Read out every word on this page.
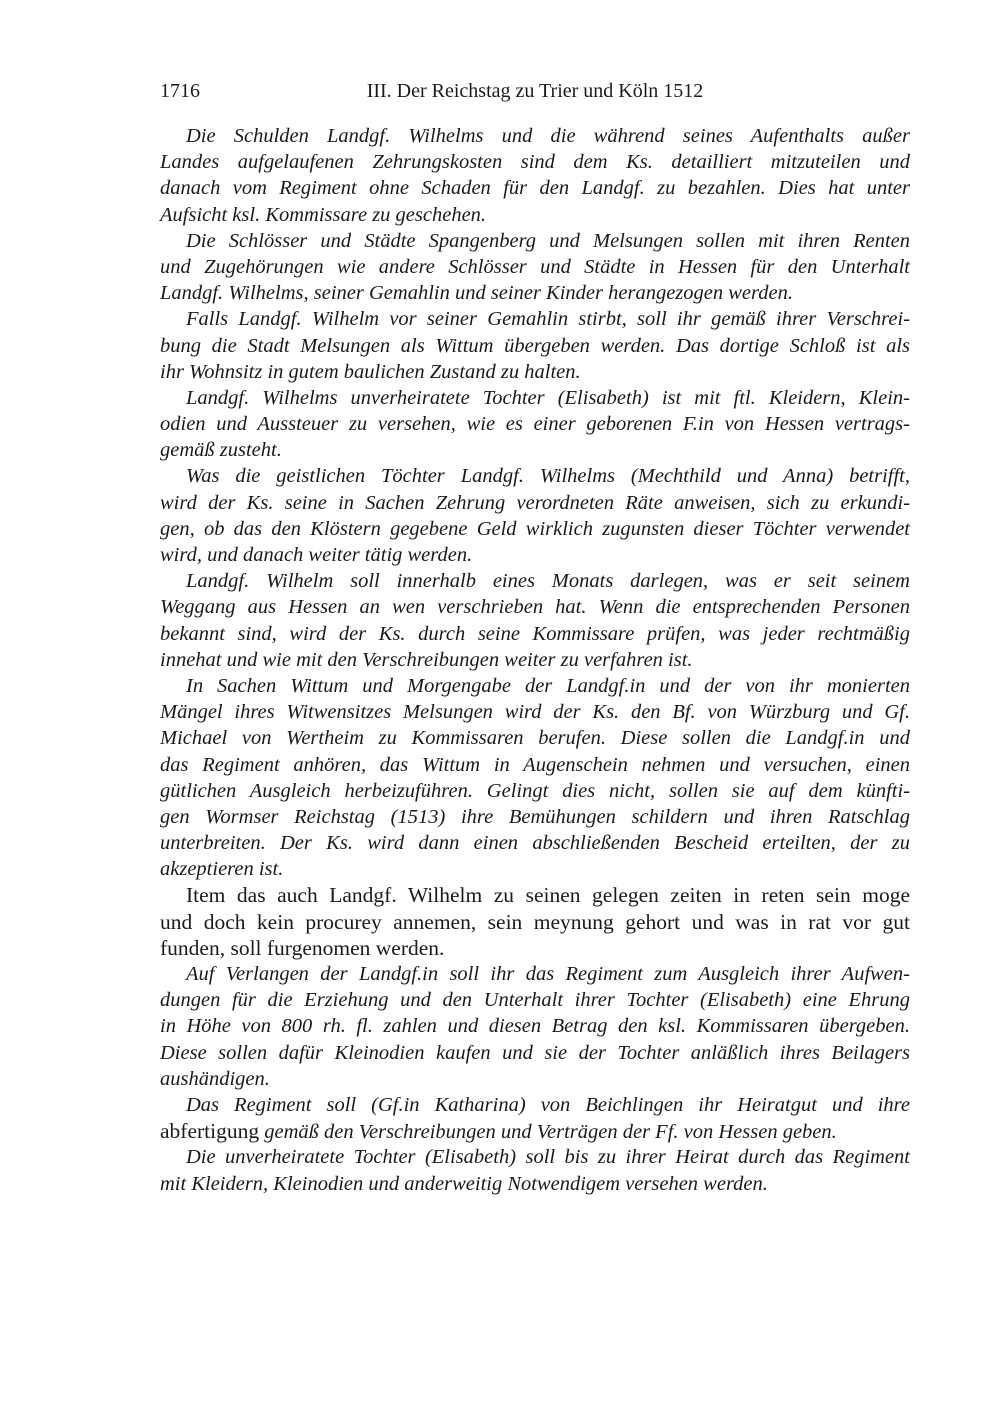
1716	III. Der Reichstag zu Trier und Köln 1512
Die Schulden Landgf. Wilhelms und die während seines Aufenthalts außer
Landes aufgelaufenen Zehrungskosten sind dem Ks. detailliert mitzuteilen und
danach vom Regiment ohne Schaden für den Landgf. zu bezahlen. Dies hat unter
Aufsicht ksl. Kommissare zu geschehen.
Die Schlösser und Städte Spangenberg und Melsungen sollen mit ihren Renten
und Zugehörungen wie andere Schlösser und Städte in Hessen für den Unterhalt
Landgf. Wilhelms, seiner Gemahlin und seiner Kinder herangezogen werden.
Falls Landgf. Wilhelm vor seiner Gemahlin stirbt, soll ihr gemäß ihrer Verschrei-
bung die Stadt Melsungen als Wittum übergeben werden. Das dortige Schloß ist als
ihr Wohnsitz in gutem baulichen Zustand zu halten.
Landgf. Wilhelms unverheiratete Tochter (Elisabeth) ist mit ftl. Kleidern, Klein-
odien und Aussteuer zu versehen, wie es einer geborenen F.in von Hessen vertrags-
gemäß zusteht.
Was die geistlichen Töchter Landgf. Wilhelms (Mechthild und Anna) betrifft,
wird der Ks. seine in Sachen Zehrung verordneten Räte anweisen, sich zu erkundi-
gen, ob das den Klöstern gegebene Geld wirklich zugunsten dieser Töchter verwendet
wird, und danach weiter tätig werden.
Landgf. Wilhelm soll innerhalb eines Monats darlegen, was er seit seinem
Weggang aus Hessen an wen verschrieben hat. Wenn die entsprechenden Personen
bekannt sind, wird der Ks. durch seine Kommissare prüfen, was jeder rechtmäßig
innehat und wie mit den Verschreibungen weiter zu verfahren ist.
In Sachen Wittum und Morgengabe der Landgf.in und der von ihr monierten
Mängel ihres Witwensitzes Melsungen wird der Ks. den Bf. von Würzburg und Gf.
Michael von Wertheim zu Kommissaren berufen. Diese sollen die Landgf.in und
das Regiment anhören, das Wittum in Augenschein nehmen und versuchen, einen
gütlichen Ausgleich herbeizuführen. Gelingt dies nicht, sollen sie auf dem künfti-
gen Wormser Reichstag (1513) ihre Bemühungen schildern und ihren Ratschlag
unterbreiten. Der Ks. wird dann einen abschließenden Bescheid erteilten, der zu
akzeptieren ist.
Item das auch Landgf. Wilhelm zu seinen gelegen zeiten in reten sein moge
und doch kein procurey annemen, sein meynung gehort und was in rat vor gut
funden, soll furgenomen werden.
Auf Verlangen der Landgf.in soll ihr das Regiment zum Ausgleich ihrer Aufwen-
dungen für die Erziehung und den Unterhalt ihrer Tochter (Elisabeth) eine Ehrung
in Höhe von 800 rh. fl. zahlen und diesen Betrag den ksl. Kommissaren übergeben.
Diese sollen dafür Kleinodien kaufen und sie der Tochter anläßlich ihres Beilagers
aushändigen.
Das Regiment soll (Gf.in Katharina) von Beichlingen ihr Heiratgut und ihre
abfertigung gemäß den Verschreibungen und Verträgen der Ff. von Hessen geben.
Die unverheiratete Tochter (Elisabeth) soll bis zu ihrer Heirat durch das Regiment
mit Kleidern, Kleinodien und anderweitig Notwendigem versehen werden.
